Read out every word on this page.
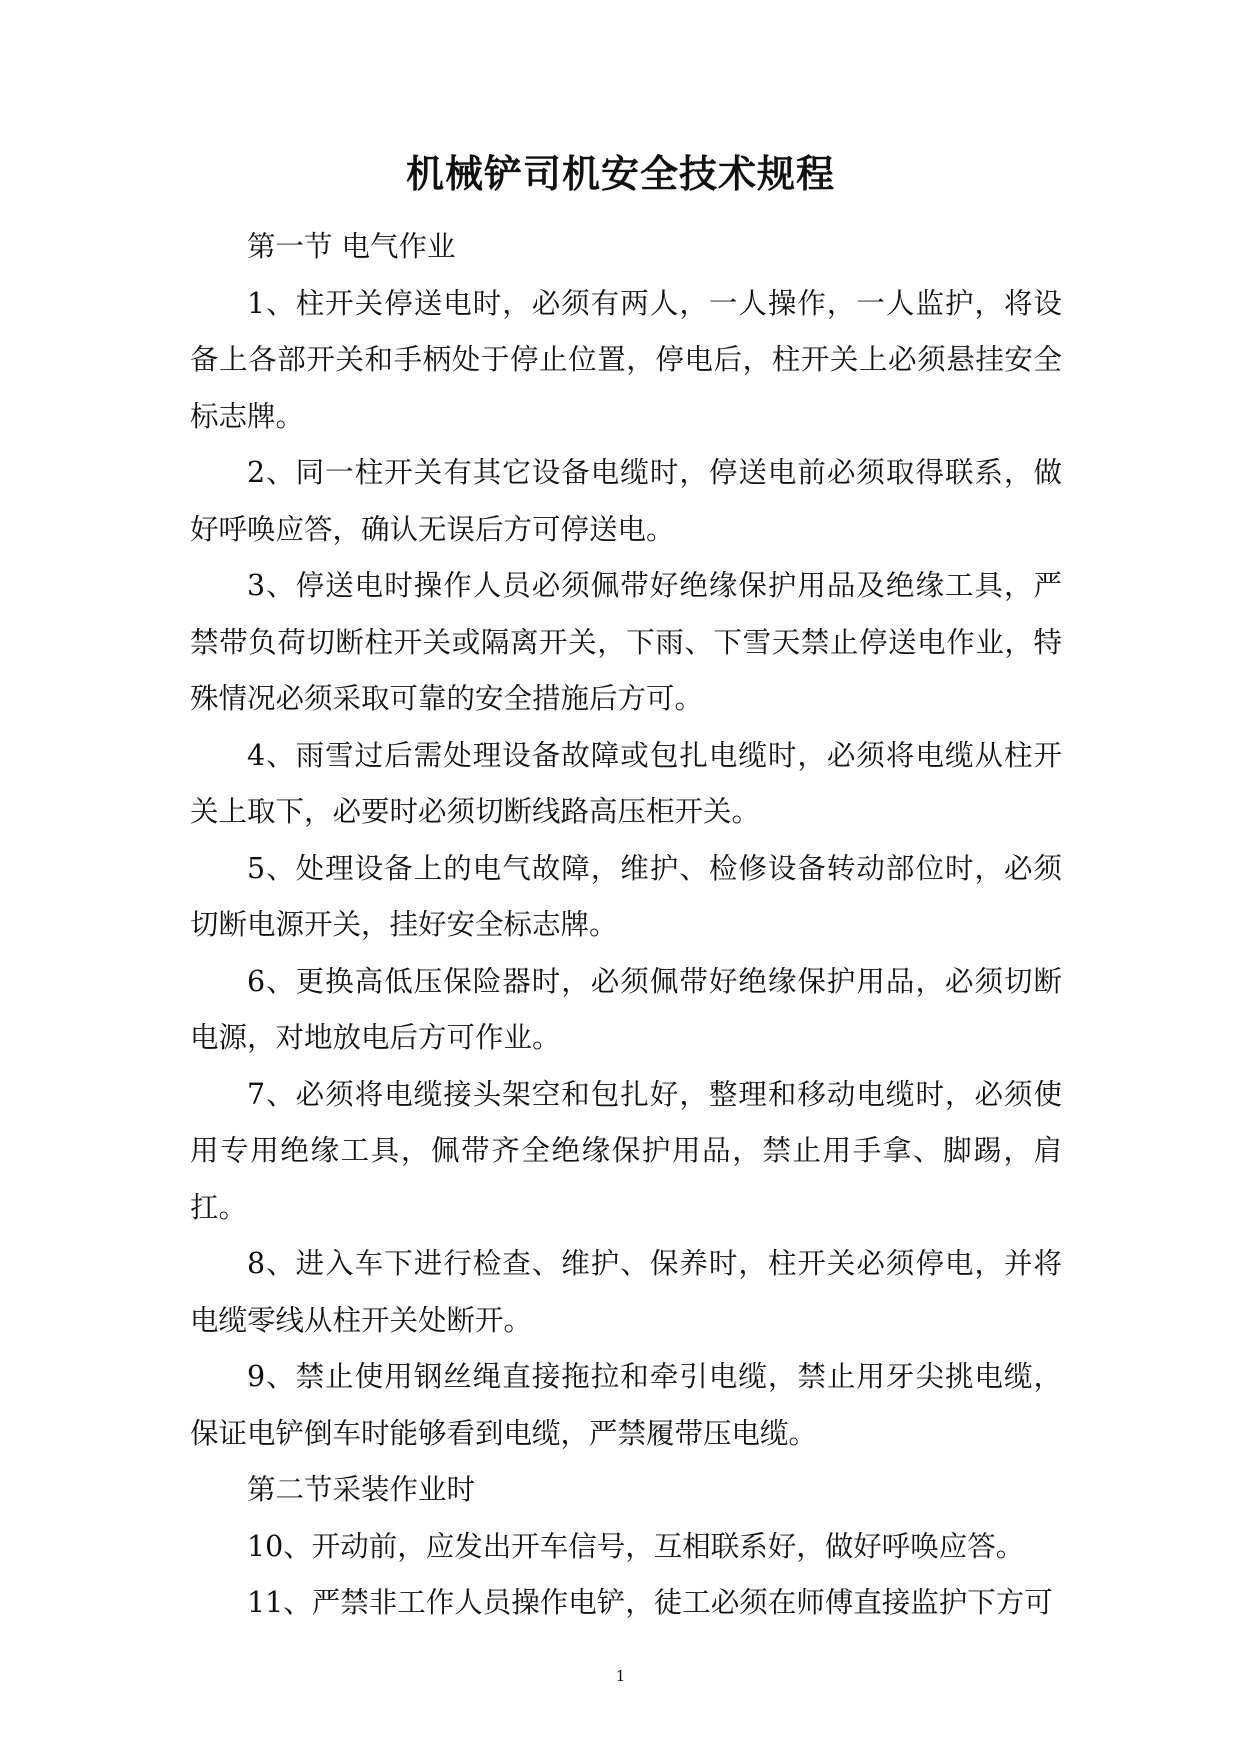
机械铲司机安全技术规程

第一节 电气作业

1、柱开关停送电时，必须有两人，一人操作，一人监护，将设备上各部开关和手柄处于停止位置，停电后，柱开关上必须悬挂安全标志牌。

2、同一柱开关有其它设备电缆时，停送电前必须取得联系，做好呼唤应答，确认无误后方可停送电。

3、停送电时操作人员必须佩带好绝缘保护用品及绝缘工具，严禁带负荷切断柱开关或隔离开关，下雨、下雪天禁止停送电作业，特殊情况必须采取可靠的安全措施后方可。

4、雨雪过后需处理设备故障或包扎电缆时，必须将电缆从柱开关上取下，必要时必须切断线路高压柜开关。

5、处理设备上的电气故障，维护、检修设备转动部位时，必须切断电源开关，挂好安全标志牌。

6、更换高低压保险器时，必须佩带好绝缘保护用品，必须切断电源，对地放电后方可作业。

7、必须将电缆接头架空和包扎好，整理和移动电缆时，必须使用专用绝缘工具，佩带齐全绝缘保护用品，禁止用手拿、脚踢，肩扛。

8、进入车下进行检查、维护、保养时，柱开关必须停电，并将电缆零线从柱开关处断开。

9、禁止使用钢丝绳直接拖拉和牵引电缆，禁止用牙尖挑电缆，保证电铲倒车时能够看到电缆，严禁履带压电缆。

第二节采装作业时

10、开动前，应发出开车信号，互相联系好，做好呼唤应答。

11、严禁非工作人员操作电铲，徒工必须在师傅直接监护下方可

1
